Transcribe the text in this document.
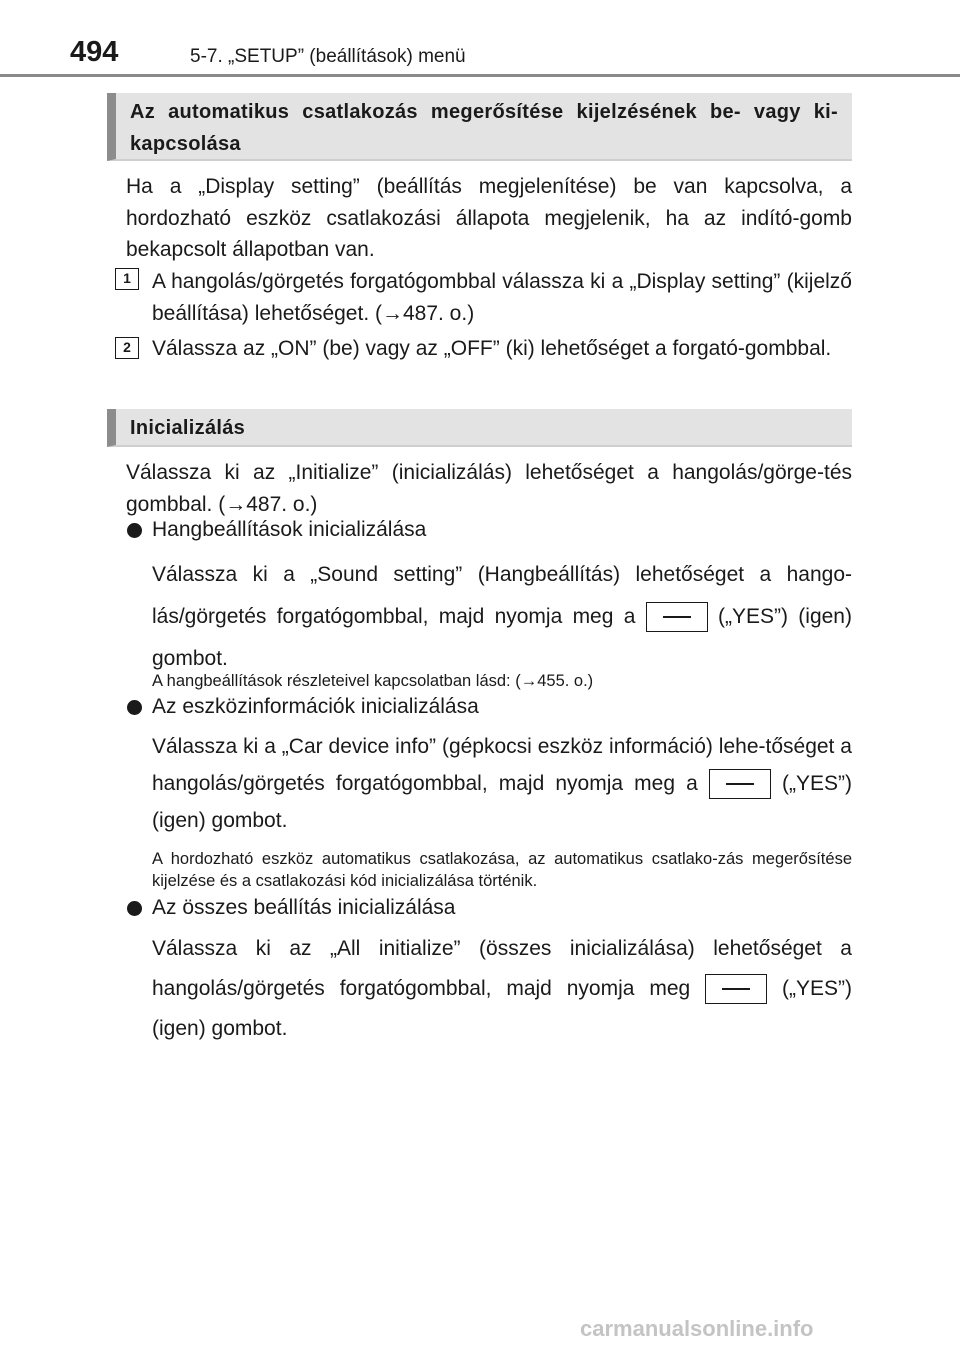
494	5-7. „SETUP” (beállítások) menü
Az automatikus csatlakozás megerősítése kijelzésének be- vagy ki-kapcsolása

Ha a „Display setting” (beállítás megjelenítése) be van kapcsolva, a hordozható eszköz csatlakozási állapota megjelenik, ha az indító-gomb bekapcsolt állapotban van.

1	A hangolás/görgetés forgatógombbal válassza ki a „Display setting” (kijelző beállítása) lehetőséget. (→487. o.)

2	Válassza az „ON” (be) vagy az „OFF” (ki) lehetőséget a forgató-gombbal.

Inicializálás

Válassza ki az „Initialize” (inicializálás) lehetőséget a hangolás/görge-tés gombbal. (→487. o.)

Hangbeállítások inicializálása

Válassza ki a „Sound setting” (Hangbeállítás) lehetőséget a hango-lás/görgetés forgatógombbal, majd nyomja meg a	(„YES”) (igen) gombot.

A hangbeállítások részleteivel kapcsolatban lásd: (→455. o.)

Az eszközinformációk inicializálása

Válassza ki a „Car device info” (gépkocsi eszköz információ) lehe-tőséget a hangolás/görgetés forgatógombbal, majd nyomja meg a	(„YES”) (igen) gombot.

A hordozható eszköz automatikus csatlakozása, az automatikus csatlako-zás megerősítése kijelzése és a csatlakozási kód inicializálása történik.

Az összes beállítás inicializálása

Válassza ki az „All initialize” (összes inicializálása) lehetőséget a hangolás/görgetés forgatógombbal, majd nyomja meg	(„YES”) (igen) gombot.

carmanualsonline.info
